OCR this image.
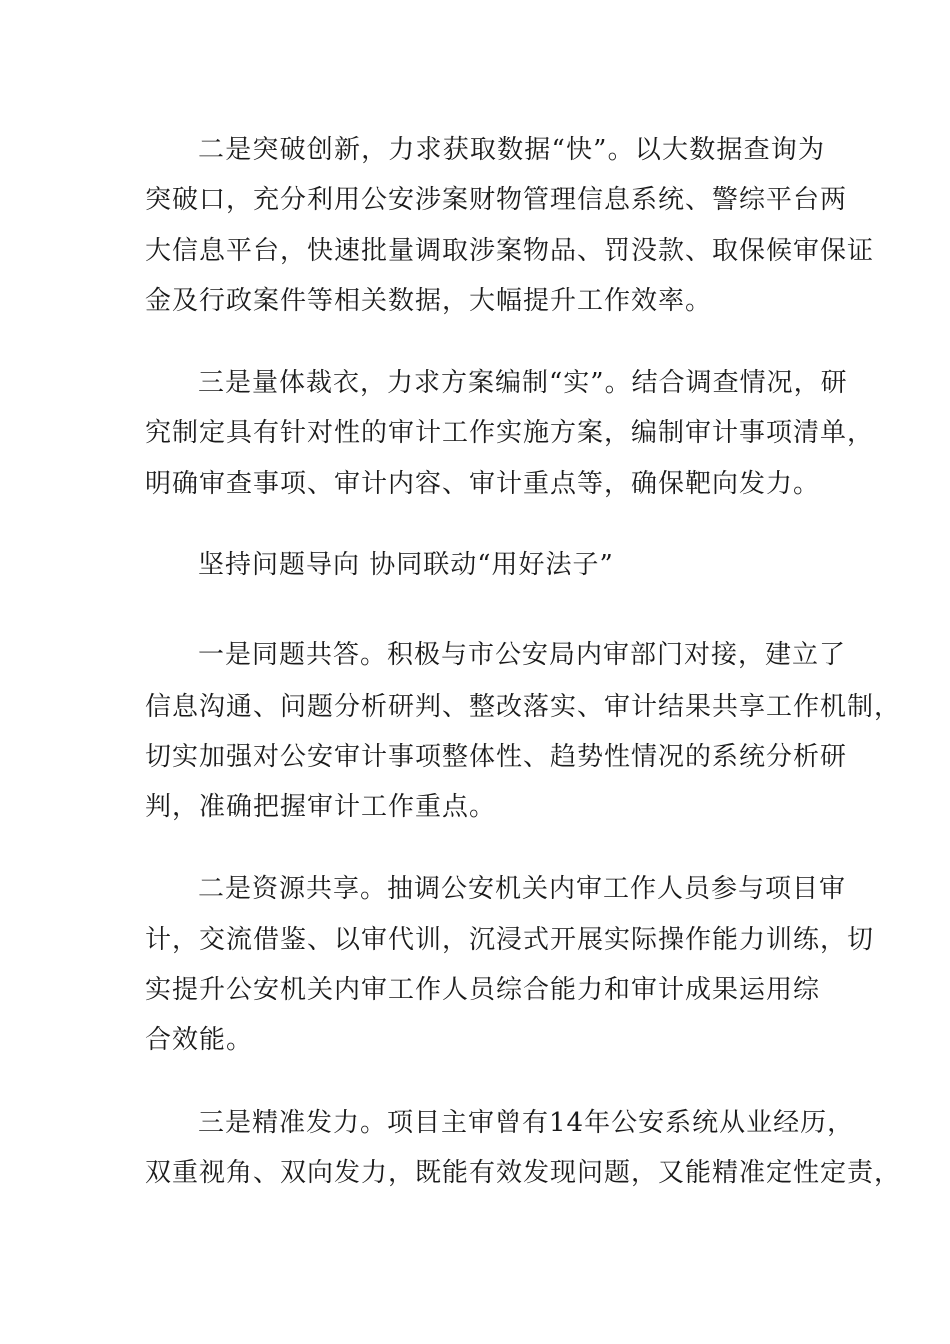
二是突破创新，力求获取数据“快”。以大数据查询为
突破口，充分利用公安涉案财物管理信息系统、警综平台两
大信息平台，快速批量调取涉案物品、罚没款、取保候审保证
金及行政案件等相关数据，大幅提升工作效率。
三是量体裁衣，力求方案编制“实”。结合调查情况，研
究制定具有针对性的审计工作实施方案，编制审计事项清单，
明确审查事项、审计内容、审计重点等，确保靶向发力。
坚持问题导向 协同联动“用好法子”
一是同题共答。积极与市公安局内审部门对接，建立了
信息沟通、问题分析研判、整改落实、审计结果共享工作机制，
切实加强对公安审计事项整体性、趋势性情况的系统分析研
判，准确把握审计工作重点。
二是资源共享。抽调公安机关内审工作人员参与项目审
计，交流借鉴、以审代训，沉浸式开展实际操作能力训练，切
实提升公安机关内审工作人员综合能力和审计成果运用综
合效能。
三是精准发力。项目主审曾有14年公安系统从业经历，
双重视角、双向发力，既能有效发现问题，又能精准定性定责，
